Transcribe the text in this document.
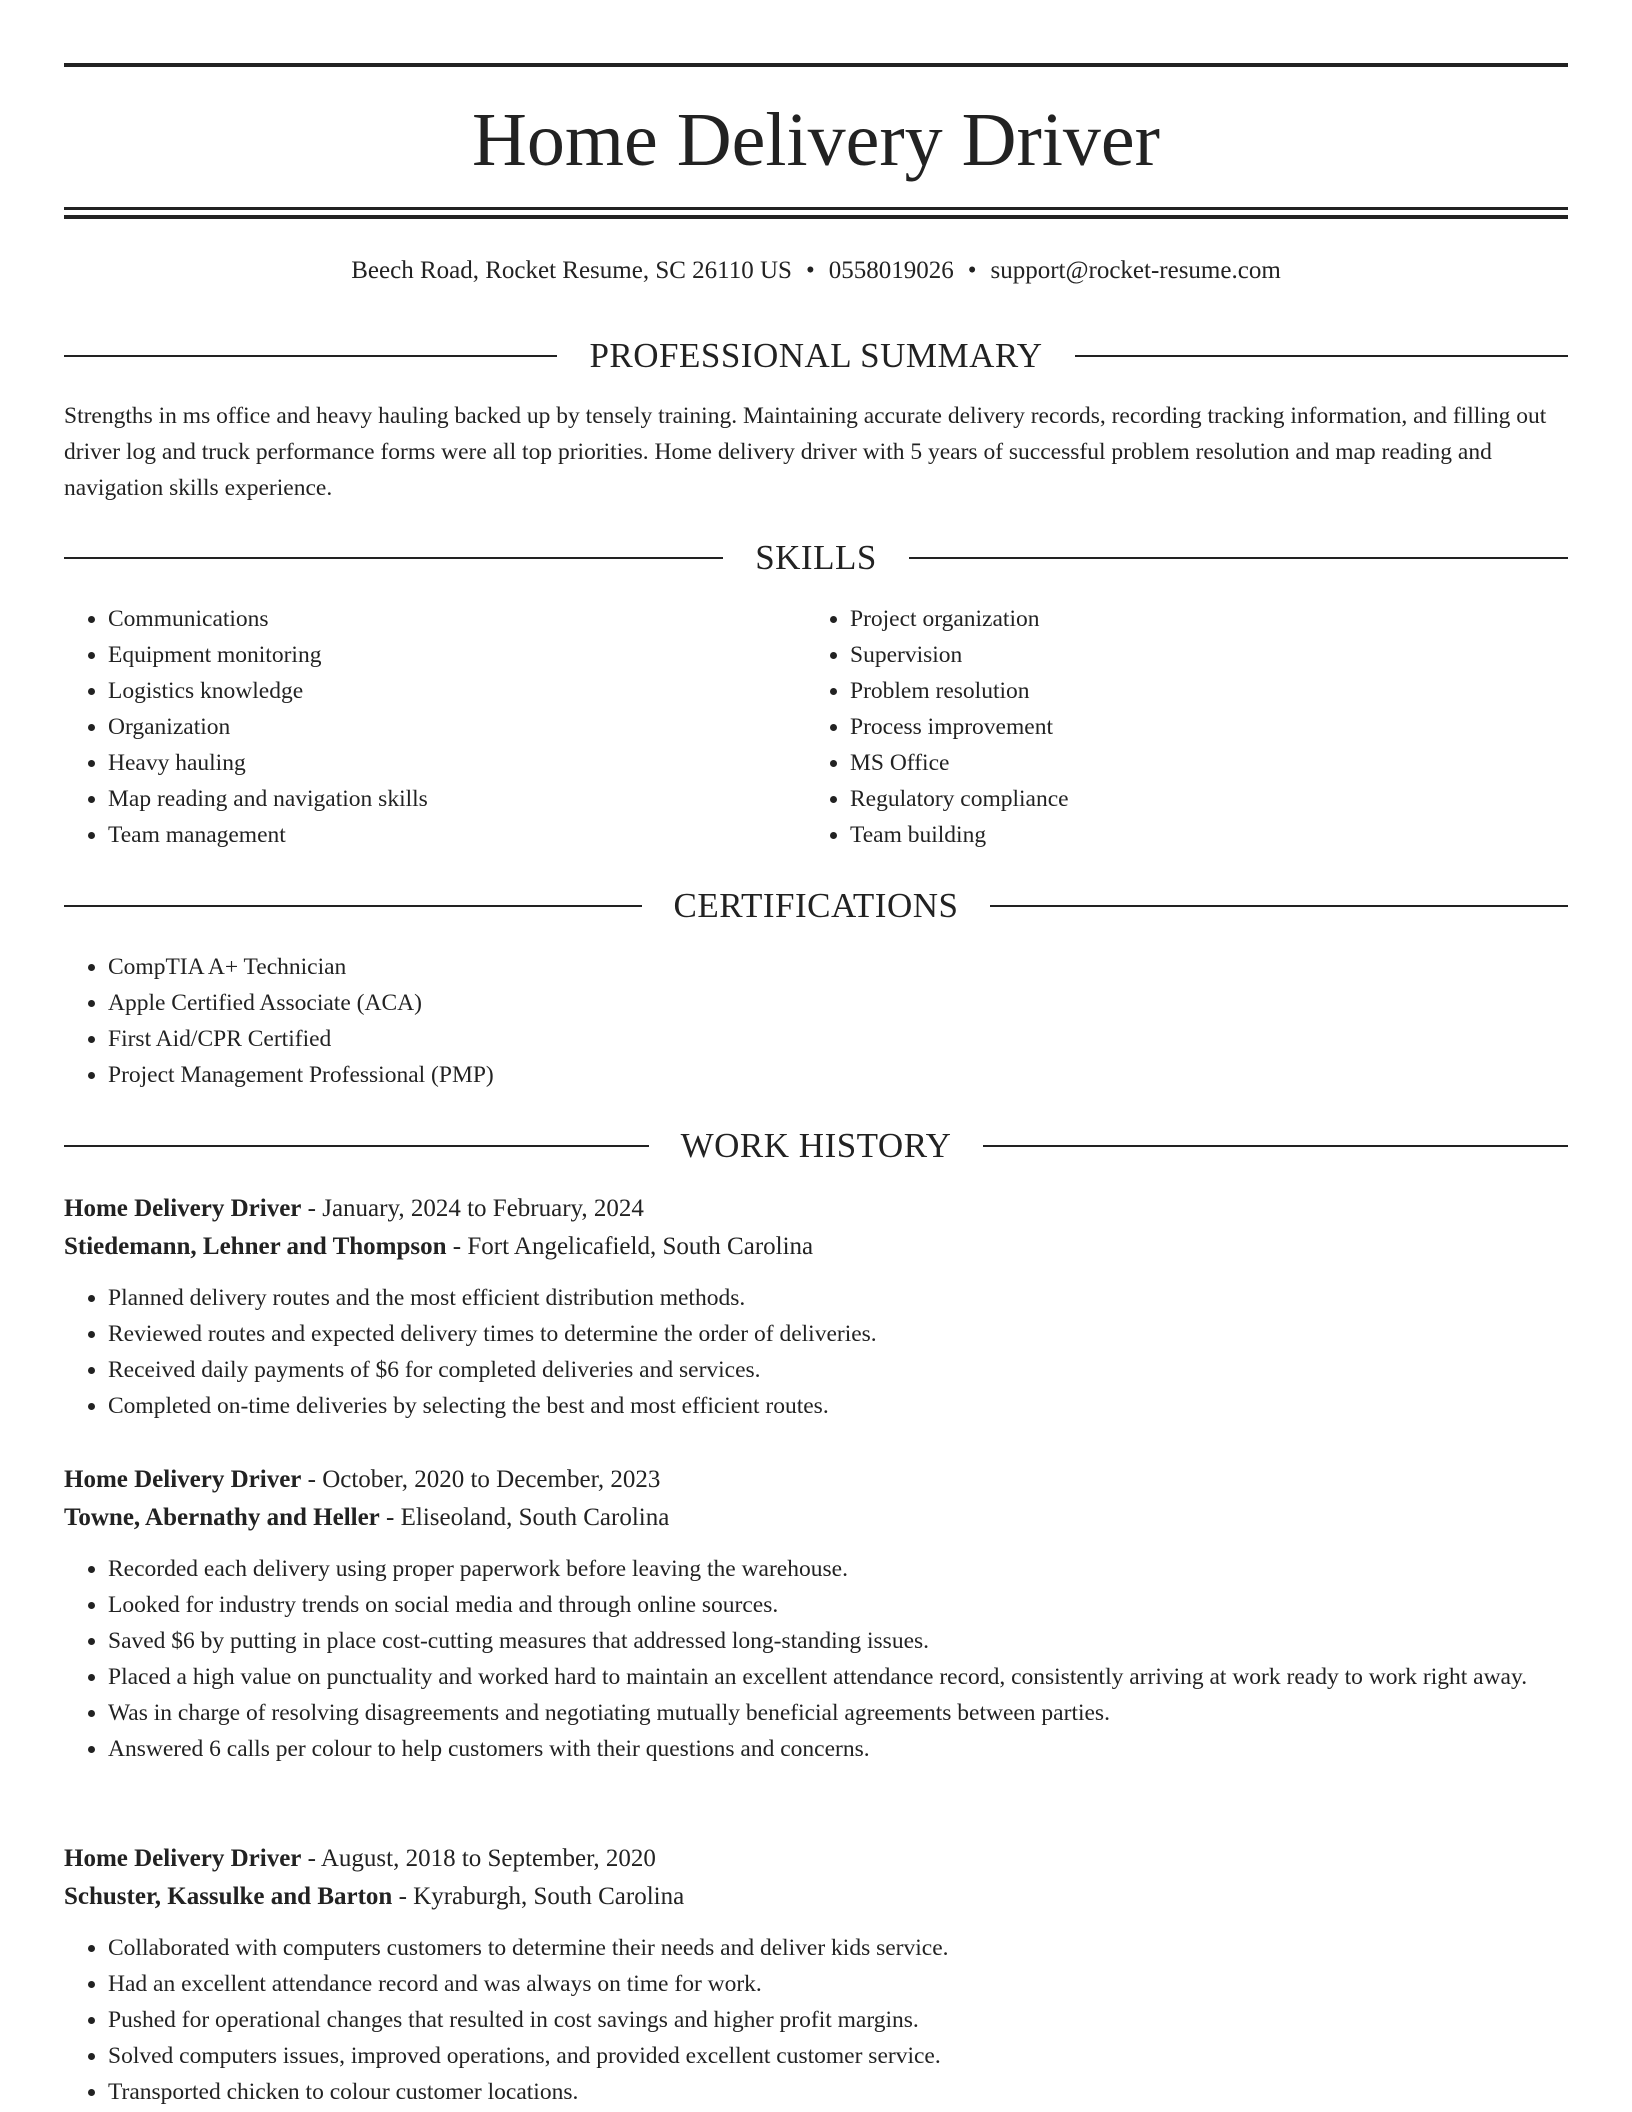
Home Delivery Driver
Beech Road, Rocket Resume, SC 26110 US • 0558019026 • support@rocket-resume.com
PROFESSIONAL SUMMARY
Strengths in ms office and heavy hauling backed up by tensely training. Maintaining accurate delivery records, recording tracking information, and filling out driver log and truck performance forms were all top priorities. Home delivery driver with 5 years of successful problem resolution and map reading and navigation skills experience.
SKILLS
• Communications
• Equipment monitoring
• Logistics knowledge
• Organization
• Heavy hauling
• Map reading and navigation skills
• Team management
• Project organization
• Supervision
• Problem resolution
• Process improvement
• MS Office
• Regulatory compliance
• Team building
CERTIFICATIONS
• CompTIA A+ Technician
• Apple Certified Associate (ACA)
• First Aid/CPR Certified
• Project Management Professional (PMP)
WORK HISTORY
Home Delivery Driver - January, 2024 to February, 2024
Stiedemann, Lehner and Thompson - Fort Angelicafield, South Carolina
• Planned delivery routes and the most efficient distribution methods.
• Reviewed routes and expected delivery times to determine the order of deliveries.
• Received daily payments of $6 for completed deliveries and services.
• Completed on-time deliveries by selecting the best and most efficient routes.
Home Delivery Driver - October, 2020 to December, 2023
Towne, Abernathy and Heller - Eliseoland, South Carolina
• Recorded each delivery using proper paperwork before leaving the warehouse.
• Looked for industry trends on social media and through online sources.
• Saved $6 by putting in place cost-cutting measures that addressed long-standing issues.
• Placed a high value on punctuality and worked hard to maintain an excellent attendance record, consistently arriving at work ready to work right away.
• Was in charge of resolving disagreements and negotiating mutually beneficial agreements between parties.
• Answered 6 calls per colour to help customers with their questions and concerns.
Home Delivery Driver - August, 2018 to September, 2020
Schuster, Kassulke and Barton - Kyraburgh, South Carolina
• Collaborated with computers customers to determine their needs and deliver kids service.
• Had an excellent attendance record and was always on time for work.
• Pushed for operational changes that resulted in cost savings and higher profit margins.
• Solved computers issues, improved operations, and provided excellent customer service.
• Transported chicken to colour customer locations.
